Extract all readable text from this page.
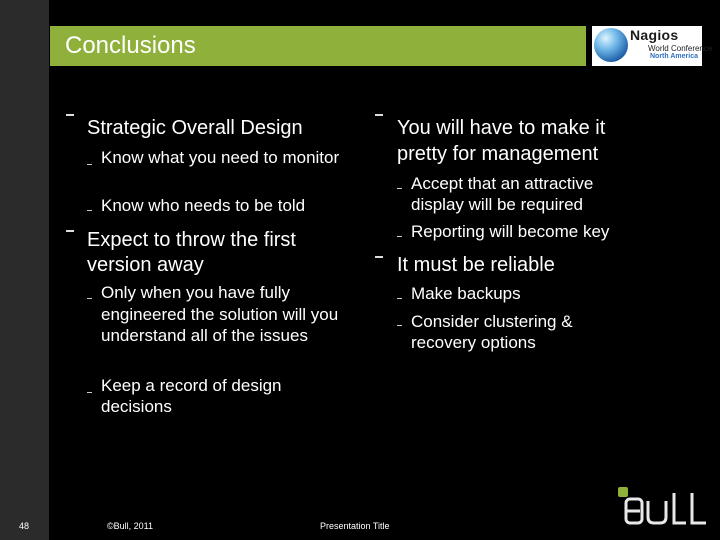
Conclusions	Nagios
World Conference
North America
Strategic Overall Design
Know what you need to monitor
Know who needs to be told
Expect to throw the first
version away
Only when you have fully engineered the solution will you understand all of the issues
Keep a record of design decisions
You will have to make it
pretty for management
Accept that an attractive display will be required
Reporting will become key
It must be reliable
Make backups
Consider clustering & recovery options
48	©Bull, 2011	Presentation Title
